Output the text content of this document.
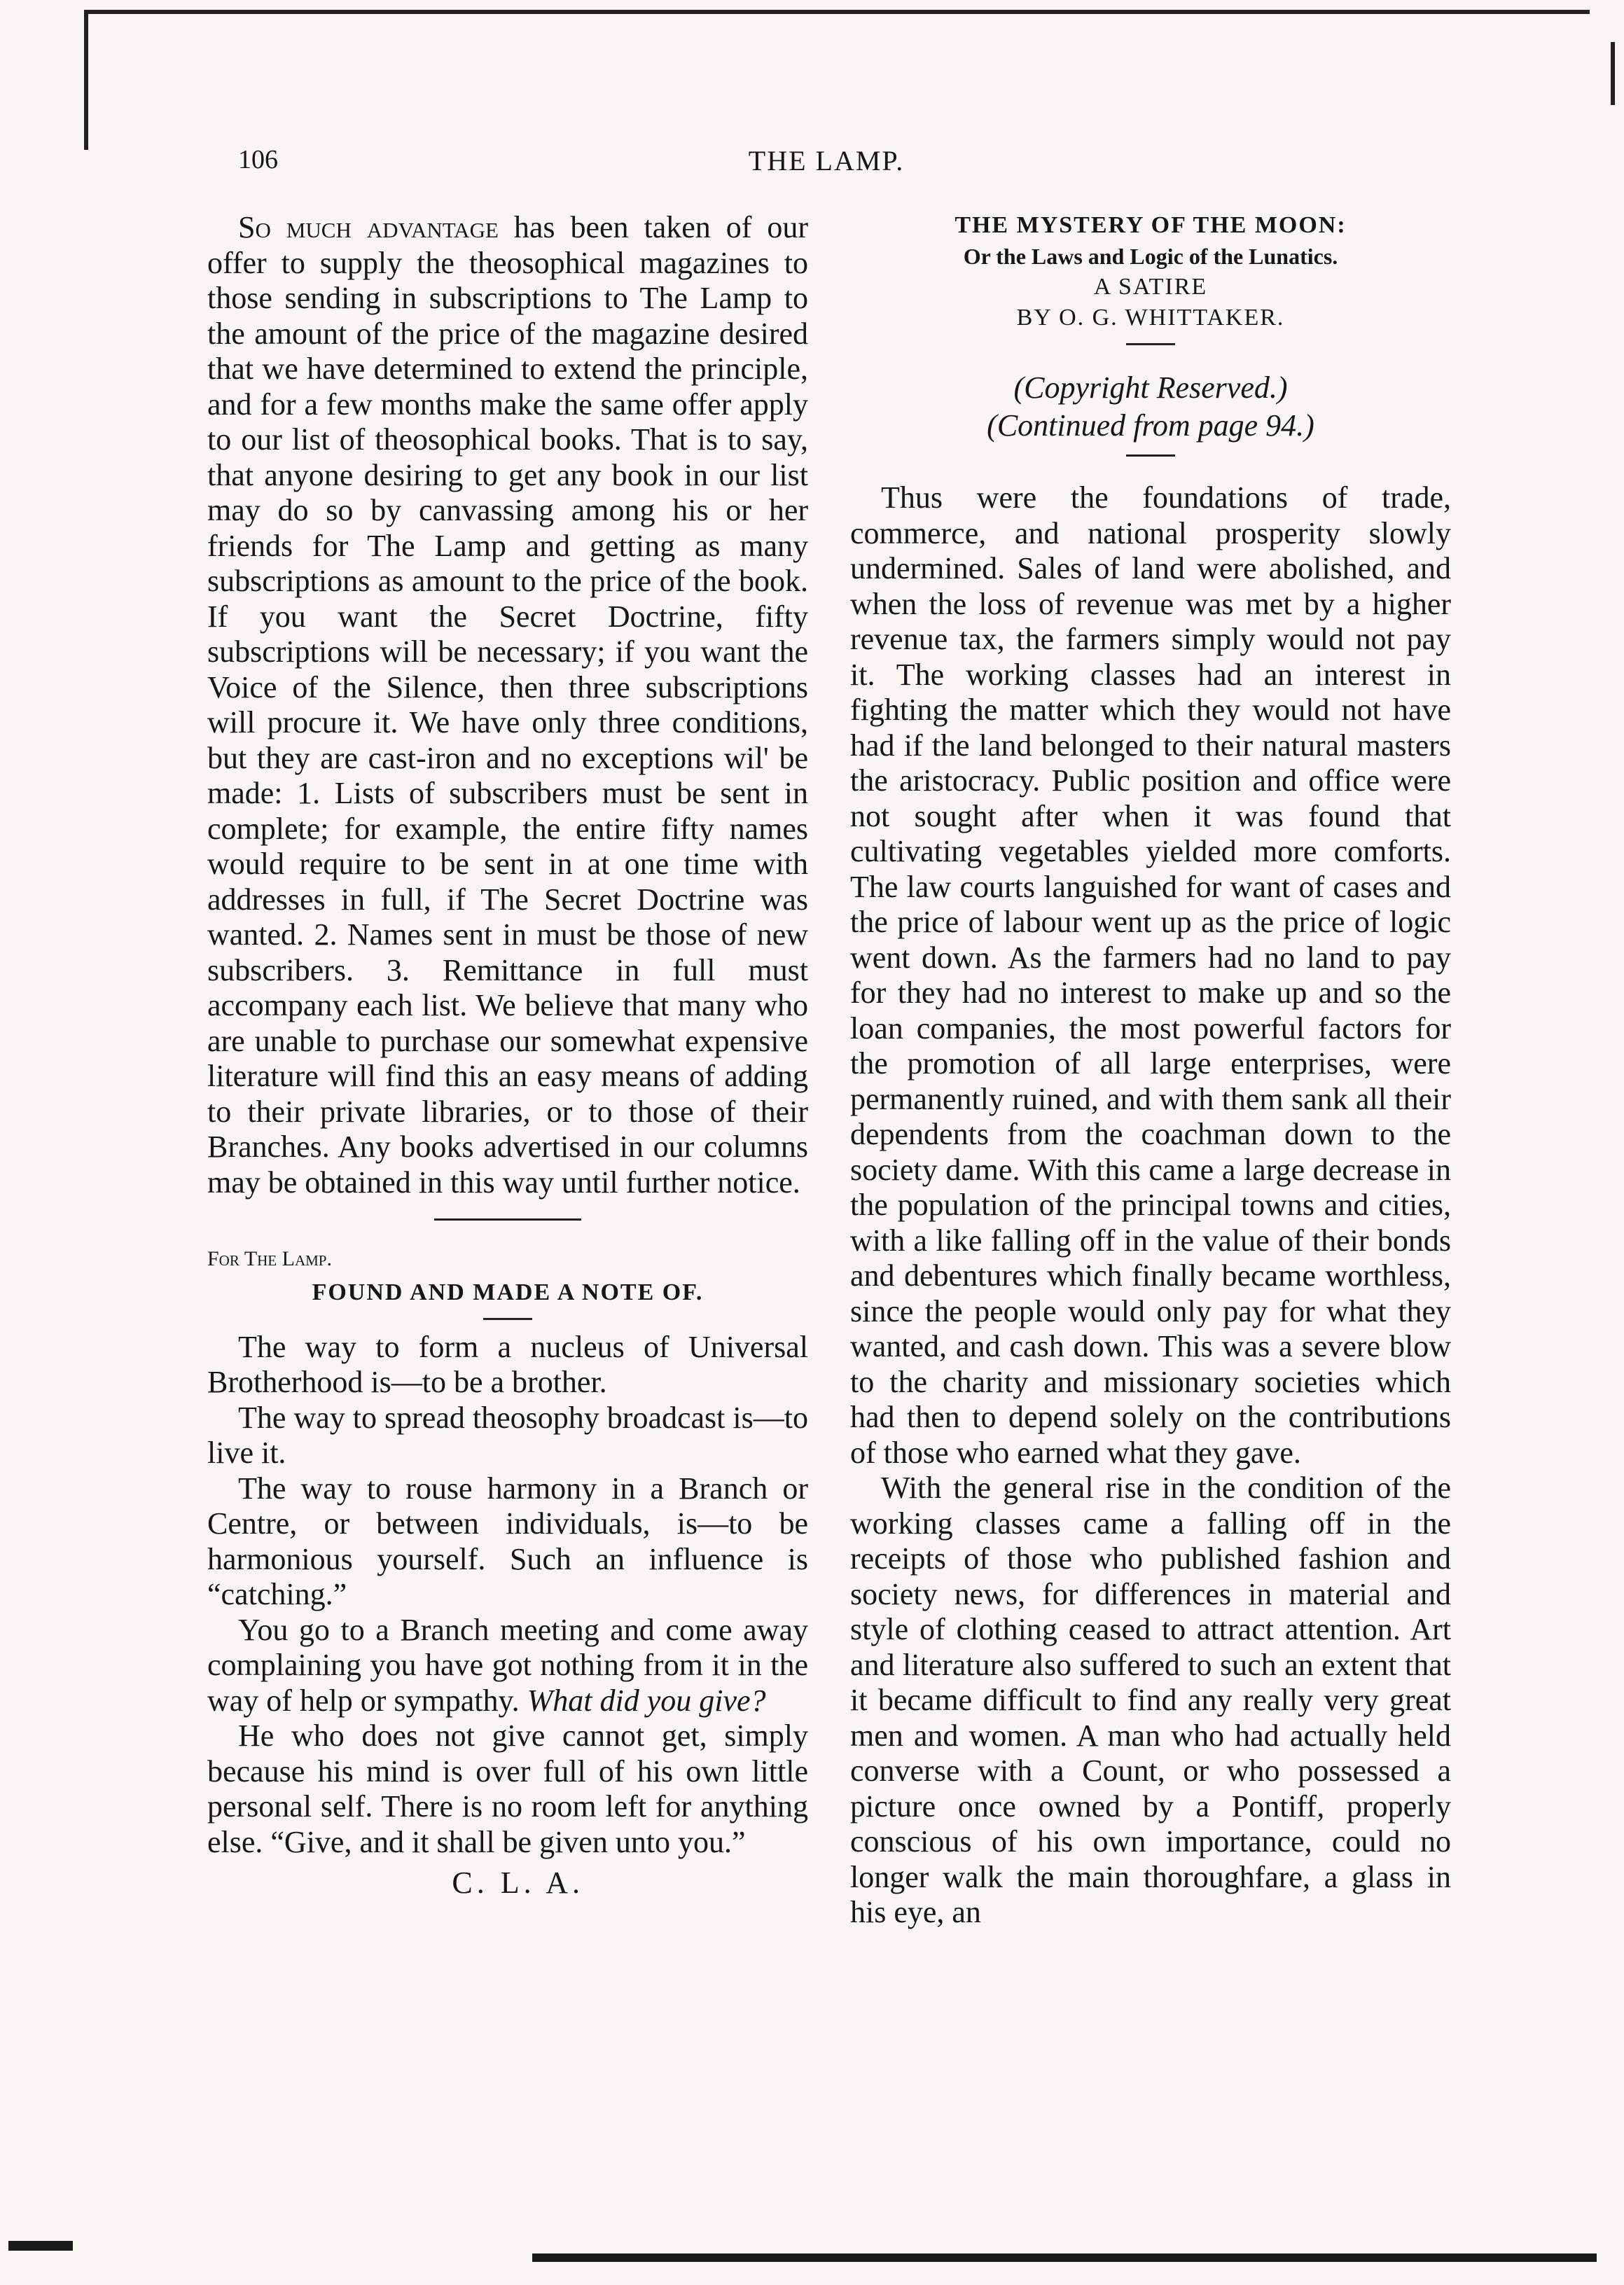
106	THE LAMP.

So much advantage has been taken of our offer to supply the theosophical magazines to those sending in subscriptions to The Lamp to the amount of the price of the magazine desired that we have determined to extend the principle, and for a few months make the same offer apply to our list of theosophical books. That is to say, that anyone desiring to get any book in our list may do so by canvassing among his or her friends for The Lamp and getting as many subscriptions as amount to the price of the book. If you want the Secret Doctrine, fifty subscriptions will be necessary; if you want the Voice of the Silence, then three subscriptions will procure it. We have only three conditions, but they are cast-iron and no exceptions wil' be made: 1. Lists of subscribers must be sent in complete; for example, the entire fifty names would require to be sent in at one time with addresses in full, if The Secret Doctrine was wanted. 2. Names sent in must be those of new subscribers. 3. Remittance in full must accompany each list. We believe that many who are unable to purchase our somewhat expensive literature will find this an easy means of adding to their private libraries, or to those of their Branches. Any books advertised in our columns may be obtained in this way until further notice.

For The Lamp.
FOUND AND MADE A NOTE OF.

The way to form a nucleus of Universal Brotherhood is—to be a brother.

The way to spread theosophy broadcast is—to live it.

The way to rouse harmony in a Branch or Centre, or between individuals, is—to be harmonious yourself. Such an influence is “catching.”

You go to a Branch meeting and come away complaining you have got nothing from it in the way of help or sympathy. What did you give?

He who does not give cannot get, simply because his mind is over full of his own little personal self. There is no room left for anything else. “Give, and it shall be given unto you.”

C. L. A.
THE MYSTERY OF THE MOON:
Or the Laws and Logic of the Lunatics.
A SATIRE
BY O. G. WHITTAKER.
(Copyright Reserved.)
(Continued from page 94.)

Thus were the foundations of trade, commerce, and national prosperity slowly undermined. Sales of land were abolished, and when the loss of revenue was met by a higher revenue tax, the farmers simply would not pay it. The working classes had an interest in fighting the matter which they would not have had if the land belonged to their natural masters the aristocracy. Public position and office were not sought after when it was found that cultivating vegetables yielded more comforts. The law courts languished for want of cases and the price of labour went up as the price of logic went down. As the farmers had no land to pay for they had no interest to make up and so the loan companies, the most powerful factors for the promotion of all large enterprises, were permanently ruined, and with them sank all their dependents from the coachman down to the society dame. With this came a large decrease in the population of the principal towns and cities, with a like falling off in the value of their bonds and debentures which finally became worthless, since the people would only pay for what they wanted, and cash down. This was a severe blow to the charity and missionary societies which had then to depend solely on the contributions of those who earned what they gave.

With the general rise in the condition of the working classes came a falling off in the receipts of those who published fashion and society news, for differences in material and style of clothing ceased to attract attention. Art and literature also suffered to such an extent that it became difficult to find any really very great men and women. A man who had actually held converse with a Count, or who possessed a picture once owned by a Pontiff, properly conscious of his own importance, could no longer walk the main thoroughfare, a glass in his eye, an
